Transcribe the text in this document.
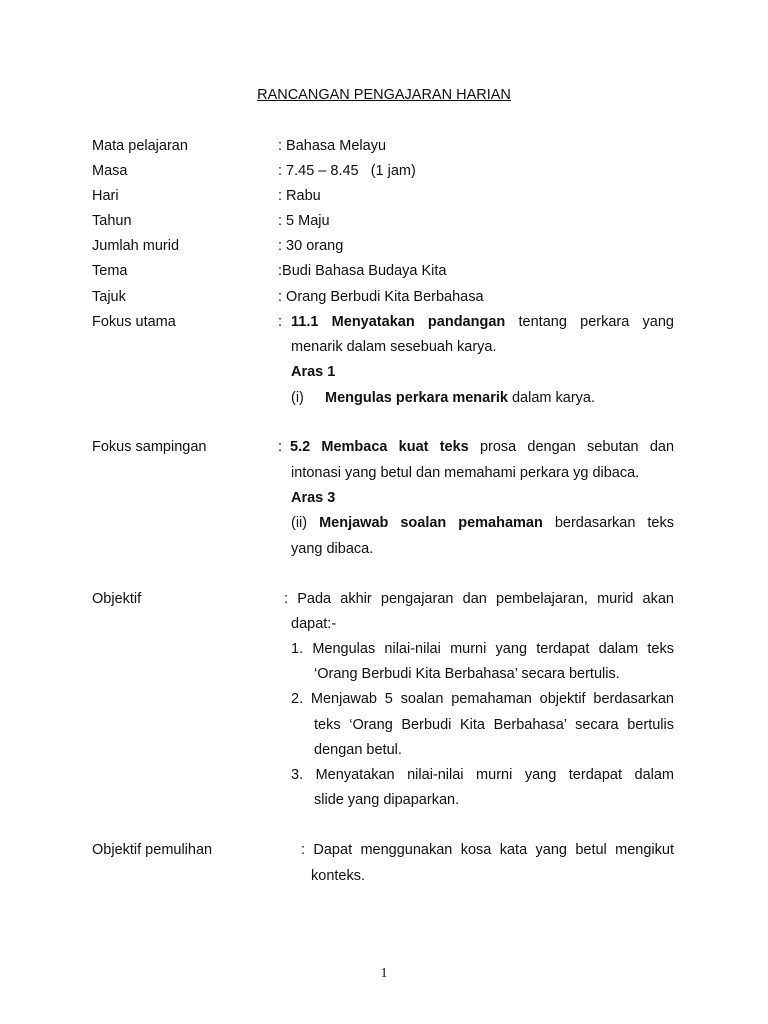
RANCANGAN PENGAJARAN HARIAN
Mata pelajaran	: Bahasa Melayu
Masa	: 7.45 – 8.45   (1 jam)
Hari	: Rabu
Tahun	: 5 Maju
Jumlah murid	: 30 orang
Tema	:Budi Bahasa Budaya Kita
Tajuk	: Orang Berbudi Kita Berbahasa
Fokus utama	: 11.1 Menyatakan pandangan tentang perkara yang
menarik dalam sesebuah karya.
Aras 1
(i) Mengulas perkara menarik dalam karya.
Fokus sampingan	: 5.2 Membaca kuat teks prosa dengan sebutan dan
intonasi yang betul dan memahami perkara yg dibaca.
Aras 3
(ii) Menjawab soalan pemahaman berdasarkan teks
yang dibaca.
Objektif	: Pada akhir pengajaran dan pembelajaran, murid akan
dapat:-
1. Mengulas nilai-nilai murni yang terdapat dalam teks
‘Orang Berbudi Kita Berbahasa’ secara bertulis.
2. Menjawab 5 soalan pemahaman objektif berdasarkan
teks ‘Orang Berbudi Kita Berbahasa’ secara bertulis
dengan betul.
3. Menyatakan nilai-nilai murni yang terdapat dalam
slide yang dipaparkan.
Objektif pemulihan	: Dapat menggunakan kosa kata yang betul mengikut
konteks.
1
